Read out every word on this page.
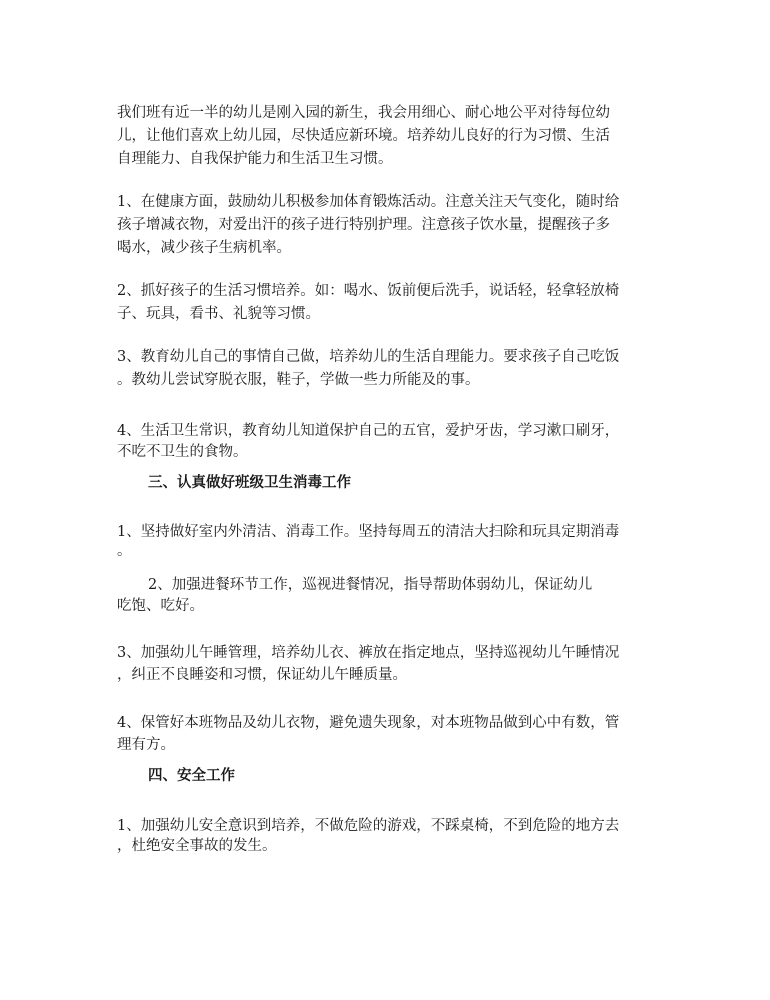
我们班有近一半的幼儿是刚入园的新生，我会用细心、耐心地公平对待每位幼
儿，让他们喜欢上幼儿园，尽快适应新环境。培养幼儿良好的行为习惯、生活
自理能力、自我保护能力和生活卫生习惯。
1、在健康方面，鼓励幼儿积极参加体育锻炼活动。注意关注天气变化，随时给
孩子增减衣物，对爱出汗的孩子进行特别护理。注意孩子饮水量，提醒孩子多
喝水，减少孩子生病机率。
2、抓好孩子的生活习惯培养。如：喝水、饭前便后洗手，说话轻，轻拿轻放椅
子、玩具，看书、礼貌等习惯。
3、教育幼儿自己的事情自己做，培养幼儿的生活自理能力。要求孩子自己吃饭
。教幼儿尝试穿脱衣服，鞋子，学做一些力所能及的事。
4、生活卫生常识，教育幼儿知道保护自己的五官，爱护牙齿，学习漱口刷牙，
不吃不卫生的食物。
三、认真做好班级卫生消毒工作
1、坚持做好室内外清洁、消毒工作。坚持每周五的清洁大扫除和玩具定期消毒
。
2、加强进餐环节工作，巡视进餐情况，指导帮助体弱幼儿，保证幼儿
吃饱、吃好。
3、加强幼儿午睡管理，培养幼儿衣、裤放在指定地点，坚持巡视幼儿午睡情况
，纠正不良睡姿和习惯，保证幼儿午睡质量。
4、保管好本班物品及幼儿衣物，避免遗失现象，对本班物品做到心中有数，管
理有方。
四、安全工作
1、加强幼儿安全意识到培养，不做危险的游戏，不踩桌椅，不到危险的地方去
，杜绝安全事故的发生。
